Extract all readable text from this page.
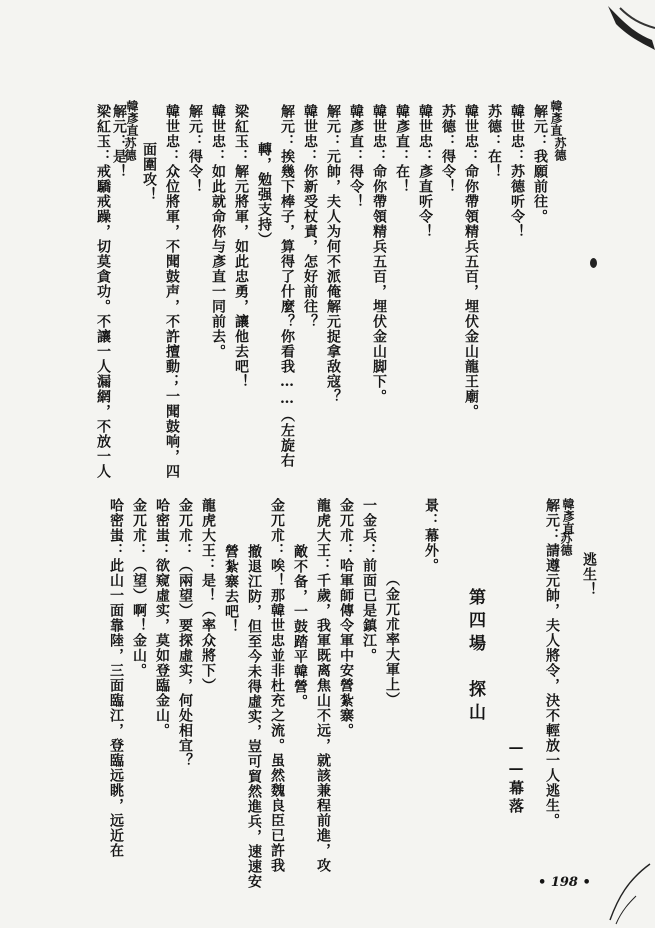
韓彥直
解元：我願前往。 苏德
韓世忠：苏德听令！
苏德：在！
韓世忠：命你帶領精兵五百，埋伏金山龍王廟。
苏德：得令！
韓世忠：彥直听令！
韓彥直：在！
韓世忠：命你帶領精兵五百，埋伏金山脚下。
韓彥直：得令！
解元：元帥，夫人为何不派俺解元捉拿敌寇？
韓世忠：你新受杖責，怎好前往？
解元：挨幾下棒子，算得了什麼？你看我……（左旋右
轉，勉强支持）
梁紅玉：解元將軍，如此忠勇，讓他去吧！
韓世忠：如此就命你与彥直一同前去。
解元：得令！
韓世忠：众位將軍，不聞鼓声，不許擅動；一聞鼓响，四
面圍攻！
韓彥直
解元：是！
苏德
梁紅玉：戒驕戒躁，切莫貪功。不讓一人漏網，不放一人
逃生！
韓彥直
解元：請遵元帥，夫人將令，決不輕放一人逃生。 苏德
——幕落
第四場　探山
景：幕外。
（金兀朮率大軍上）
一金兵：前面已是鎮江。
金兀朮：哈軍師傳令軍中安營紮寨。
龍虎大王：千歲，我軍既离焦山不远，就該兼程前進，攻
敵不备，一鼓踏平韓營。
金兀朮：唉！那韓世忠並非杜充之流。虽然魏良臣已許我
撤退江防，但至今未得虛实，豈可貿然進兵，速速安
營紮寨去吧！
龍虎大王：是！（率众將下）
金兀朮：（兩望）要探虛实，何处相宜？
哈密蚩：欲窥虛实，莫如登臨金山。
金兀朮：（望）啊！金山。
哈密蚩：此山一面靠陸，三面臨江，登臨远眺，远近在
• 198 •
